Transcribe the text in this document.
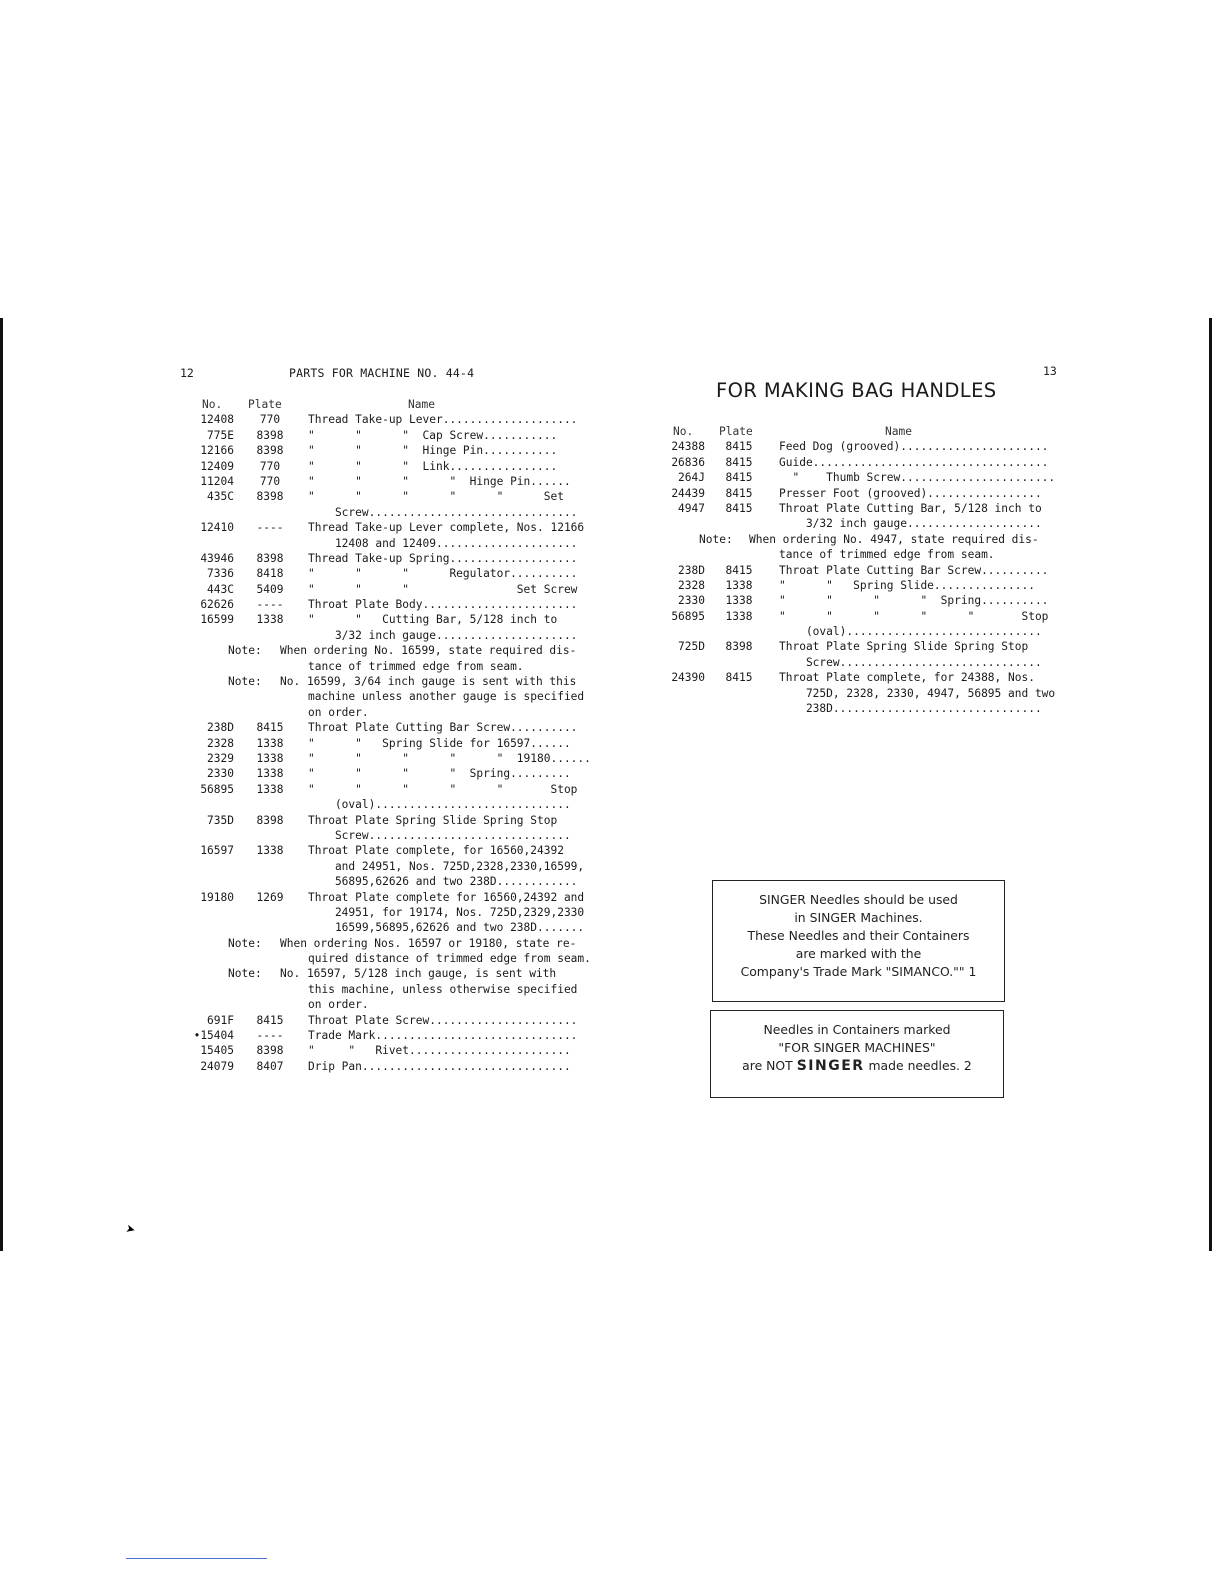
➤
12	PARTS FOR MACHINE NO. 44-4
No. Plate	Name
12408	770	Thread Take-up Lever....................
775E	8398	"      "      "  Cap Screw...........
12166	8398	"      "      "  Hinge Pin...........
12409	770	"      "      "  Link................
11204	770	"      "      "      "  Hinge Pin......
435C	8398	"      "      "      "      "      Set
Screw...............................
12410	----	Thread Take-up Lever complete, Nos. 12166
12408 and 12409.....................
43946	8398	Thread Take-up Spring...................
7336	8418	"      "      "      Regulator..........
443C	5409	"      "      "                Set Screw
62626	----	Throat Plate Body.......................
16599	1338	"      "   Cutting Bar, 5/128 inch to
3/32 inch gauge.....................
Note: When ordering No. 16599, state required dis-
tance of trimmed edge from seam.
Note: No. 16599, 3/64 inch gauge is sent with this
machine unless another gauge is specified
on order.
238D	8415	Throat Plate Cutting Bar Screw..........
2328	1338	"      "   Spring Slide for 16597......
2329	1338	"      "      "      "      "  19180......
2330	1338	"      "      "      "  Spring.........
56895	1338	"      "      "      "      "       Stop
(oval).............................
735D	8398	Throat Plate Spring Slide Spring Stop
Screw..............................
16597	1338	Throat Plate complete, for 16560,24392
and 24951, Nos. 725D,2328,2330,16599,
56895,62626 and two 238D............
19180	1269	Throat Plate complete for 16560,24392 and
24951, for 19174, Nos. 725D,2329,2330
16599,56895,62626 and two 238D.......
Note: When ordering Nos. 16597 or 19180, state re-
quired distance of trimmed edge from seam.
Note: No. 16597, 5/128 inch gauge, is sent with
this machine, unless otherwise specified
on order.
691F	8415	Throat Plate Screw......................
•15404	----	Trade Mark..............................
15405	8398	"     "   Rivet........................
24079	8407	Drip Pan...............................
13
FOR MAKING BAG HANDLES
No. Plate	Name
24388	8415	Feed Dog (grooved)......................
26836	8415	Guide...................................
264J	8415	"    Thumb Screw.......................
24439	8415	Presser Foot (grooved).................
4947	8415	Throat Plate Cutting Bar, 5/128 inch to
3/32 inch gauge....................
Note: When ordering No. 4947, state required dis-
tance of trimmed edge from seam.
238D	8415	Throat Plate Cutting Bar Screw..........
2328	1338	"      "   Spring Slide...............
2330	1338	"      "      "      "  Spring..........
56895	1338	"      "      "      "      "       Stop
(oval).............................
725D	8398	Throat Plate Spring Slide Spring Stop
Screw..............................
24390	8415	Throat Plate complete, for 24388, Nos.
725D, 2328, 2330, 4947, 56895 and two
238D...............................
SINGER Needles should be used
in SINGER Machines.
These Needles and their Containers
are marked with the
Company's Trade Mark "SIMANCO."" 1
Needles in Containers marked
"FOR SINGER MACHINES"
are NOT SINGER made needles. 2
